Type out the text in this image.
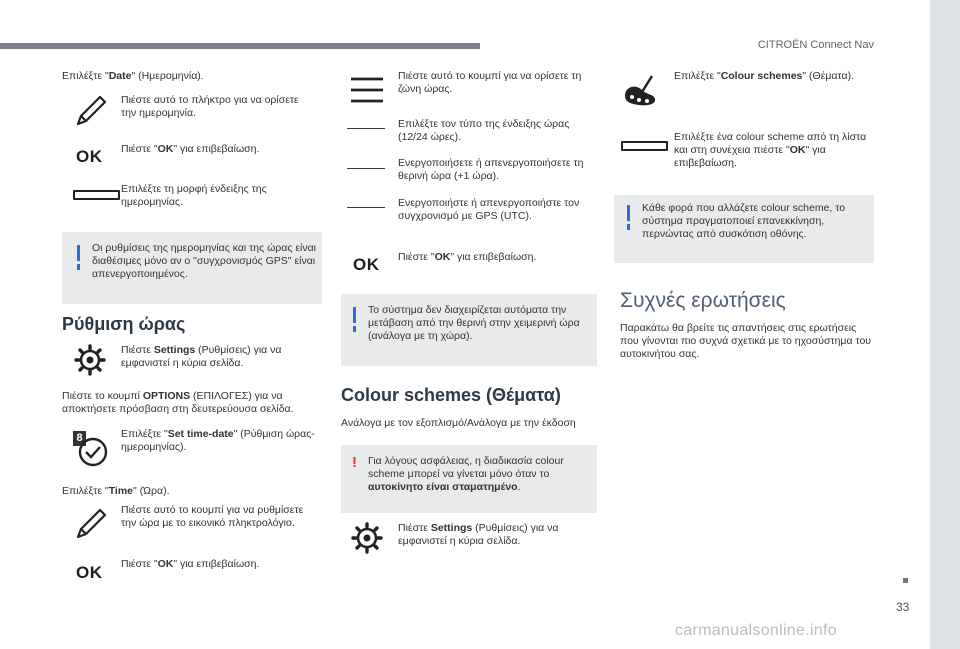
CITROËN Connect Nav
33
carmanualsonline.info
Επιλέξτε "Date" (Ημερομηνία).
Πιέστε αυτό το πλήκτρο για να ορίσετε την ημερομηνία.
OK Πιέστε "OK" για επιβεβαίωση.
Επιλέξτε τη μορφή ένδειξης της ημερομηνίας.
Οι ρυθμίσεις της ημερομηνίας και της ώρας είναι διαθέσιμες μόνο αν ο "συγχρονισμός GPS" είναι απενεργοποιημένος.
Ρύθμιση ώρας
Πιέστε Settings (Ρυθμίσεις) για να εμφανιστεί η κύρια σελίδα.
Πιέστε το κουμπί OPTIONS (ΕΠΙΛΟΓΕΣ) για να αποκτήσετε πρόσβαση στη δευτερεύουσα σελίδα.
8	Επιλέξτε "Set time-date" (Ρύθμιση ώρας-ημερομηνίας).
Επιλέξτε "Time" (Ώρα).
Πιέστε αυτό το κουμπί για να ρυθμίσετε την ώρα με το εικονικό πληκτρολόγιο.
OK Πιέστε "OK" για επιβεβαίωση.
Πιέστε αυτό το κουμπί για να ορίσετε τη ζώνη ώρας.
Επιλέξτε τον τύπο της ένδειξης ώρας (12/24 ώρες).
Ενεργοποιήσετε ή απενεργοποιήσετε τη θερινή ώρα (+1 ώρα).
Ενεργοποιήστε ή απενεργοποιήστε τον συγχρονισμό με GPS (UTC).
OK Πιέστε "OK" για επιβεβαίωση.
Το σύστημα δεν διαχειρίζεται αυτόματα την μετάβαση από την θερινή στην χειμερινή ώρα (ανάλογα με τη χώρα).
Colour schemes (Θέματα)
Ανάλογα με τον εξοπλισμό/Ανάλογα με την έκδοση
! Για λόγους ασφάλειας, η διαδικασία colour scheme μπορεί να γίνεται μόνο όταν το αυτοκίνητο είναι σταματημένο.
Πιέστε Settings (Ρυθμίσεις) για να εμφανιστεί η κύρια σελίδα.
Επιλέξτε "Colour schemes" (Θέματα).
Επιλέξτε ένα colour scheme από τη λίστα και στη συνέχεια πιέστε "OK" για επιβεβαίωση.
Κάθε φορά που αλλάζετε colour scheme, το σύστημα πραγματοποιεί επανεκκίνηση, περνώντας από συσκότιση οθόνης.
Συχνές ερωτήσεις
Παρακάτω θα βρείτε τις απαντήσεις στις ερωτήσεις που γίνονται πιο συχνά σχετικά με το ηχοσύστημα του αυτοκινήτου σας.
